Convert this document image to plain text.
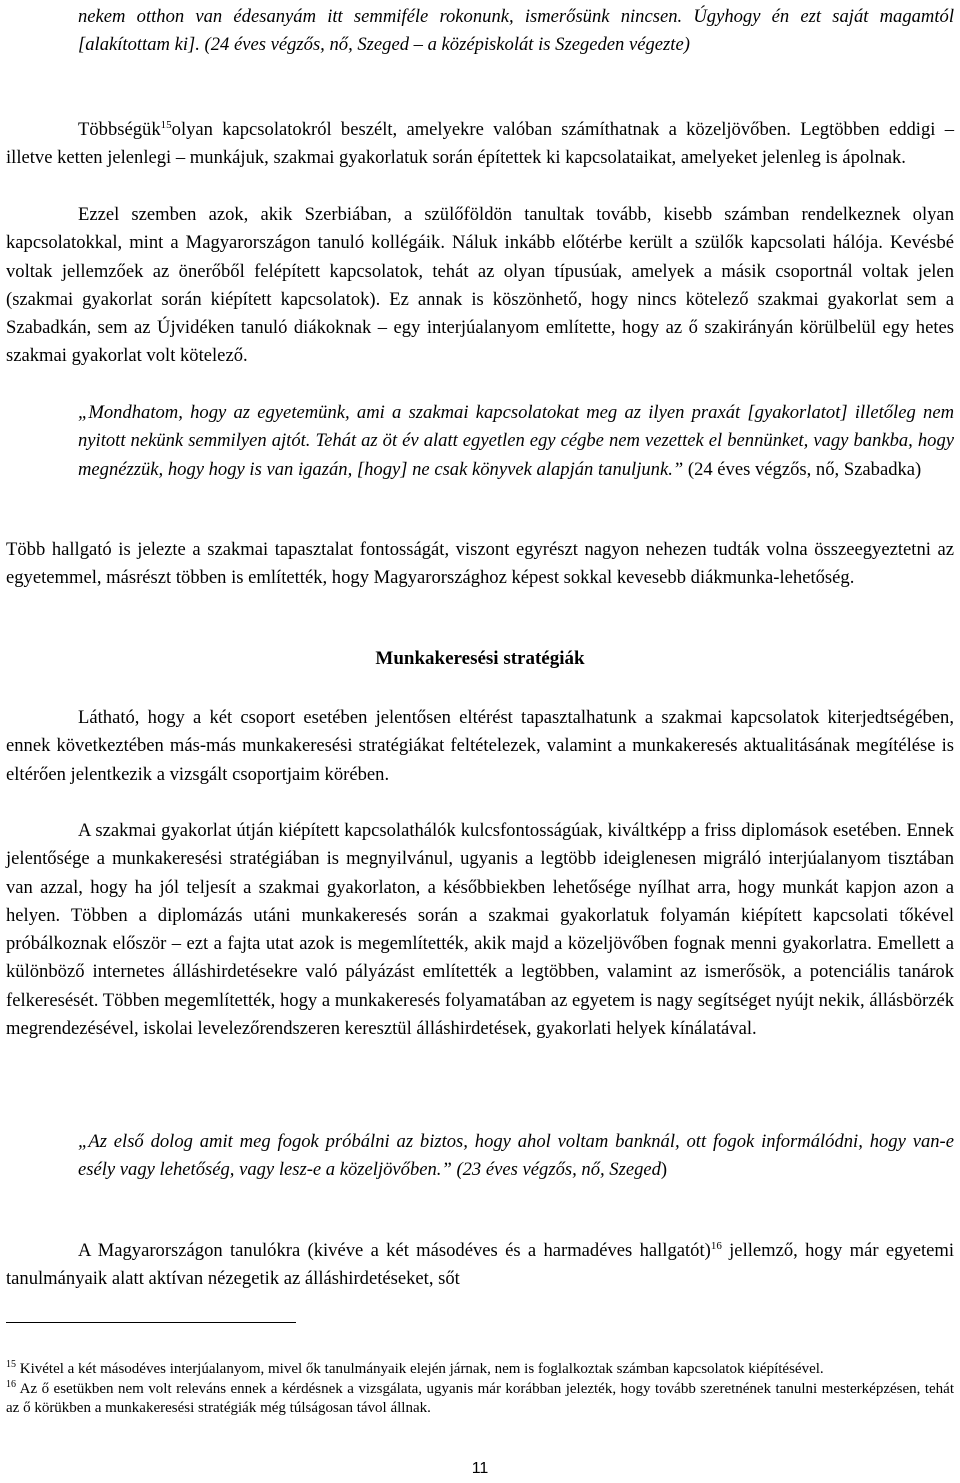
nekem otthon van édesanyám itt semmiféle rokonunk, ismerősünk nincsen. Úgyhogy én ezt saját magamtól [alakítottam ki]. (24 éves végzős, nő, Szeged – a középiskolát is Szegeden végezte)

Többségük$^{15}$olyan kapcsolatokról beszélt, amelyekre valóban számíthatnak a közeljövőben. Legtöbben eddigi – illetve ketten jelenlegi – munkájuk, szakmai gyakorlatuk során építettek ki kapcsolataikat, amelyeket jelenleg is ápolnak.

Ezzel szemben azok, akik Szerbiában, a szülőföldön tanultak tovább, kisebb számban rendelkeznek olyan kapcsolatokkal, mint a Magyarországon tanuló kollégáik. Náluk inkább előtérbe került a szülők kapcsolati hálója. Kevésbé voltak jellemzőek az önerőből felépített kapcsolatok, tehát az olyan típusúak, amelyek a másik csoportnál voltak jelen (szakmai gyakorlat során kiépített kapcsolatok). Ez annak is köszönhető, hogy nincs kötelező szakmai gyakorlat sem a Szabadkán, sem az Újvidéken tanuló diákoknak – egy interjúalanyom említette, hogy az ő szakirányán körülbelül egy hetes szakmai gyakorlat volt kötelező.

„Mondhatom, hogy az egyetemünk, ami a szakmai kapcsolatokat meg az ilyen praxát [gyakorlatot] illetőleg nem nyitott nekünk semmilyen ajtót. Tehát az öt év alatt egyetlen egy cégbe nem vezettek el bennünket, vagy bankba, hogy megnézzük, hogy hogy is van igazán, [hogy] ne csak könyvek alapján tanuljunk.” (24 éves végzős, nő, Szabadka)

Több hallgató is jelezte a szakmai tapasztalat fontosságát, viszont egyrészt nagyon nehezen tudták volna összeegyeztetni az egyetemmel, másrészt többen is említették, hogy Magyarországhoz képest sokkal kevesebb diákmunka-lehetőség.

Munkakeresési stratégiák

Látható, hogy a két csoport esetében jelentősen eltérést tapasztalhatunk a szakmai kapcsolatok kiterjedtségében, ennek következtében más-más munkakeresési stratégiákat feltételezek, valamint a munkakeresés aktualitásának megítélése is eltérően jelentkezik a vizsgált csoportjaim körében.

A szakmai gyakorlat útján kiépített kapcsolathálók kulcsfontosságúak, kiváltképp a friss diplomások esetében. Ennek jelentősége a munkakeresési stratégiában is megnyilvánul, ugyanis a legtöbb ideiglenesen migráló interjúalanyom tisztában van azzal, hogy ha jól teljesít a szakmai gyakorlaton, a későbbiekben lehetősége nyílhat arra, hogy munkát kapjon azon a helyen. Többen a diplomázás utáni munkakeresés során a szakmai gyakorlatuk folyamán kiépített kapcsolati tőkével próbálkoznak először – ezt a fajta utat azok is megemlítették, akik majd a közeljövőben fognak menni gyakorlatra. Emellett a különböző internetes álláshirdetésekre való pályázást említették a legtöbben, valamint az ismerősök, a potenciális tanárok felkeresését. Többen megemlítették, hogy a munkakeresés folyamatában az egyetem is nagy segítséget nyújt nekik, állásbörzék megrendezésével, iskolai levelezőrendszeren keresztül álláshirdetések, gyakorlati helyek kínálatával.

„Az első dolog amit meg fogok próbálni az biztos, hogy ahol voltam banknál, ott fogok informálódni, hogy van-e esély vagy lehetőség, vagy lesz-e a közeljövőben.” (23 éves végzős, nő, Szeged)

A Magyarországon tanulókra (kivéve a két másodéves és a harmadéves hallgatót)$^{16}$ jellemző, hogy már egyetemi tanulmányaik alatt aktívan nézegetik az álláshirdetéseket, sőt

$^{15}$ Kivétel a két másodéves interjúalanyom, mivel ők tanulmányaik elején járnak, nem is foglalkoztak számban kapcsolatok kiépítésével.

$^{16}$ Az ő esetükben nem volt releváns ennek a kérdésnek a vizsgálata, ugyanis már korábban jelezték, hogy tovább szeretnének tanulni mesterképzésen, tehát az ő körükben a munkakeresési stratégiák még túlságosan távol állnak.

11
